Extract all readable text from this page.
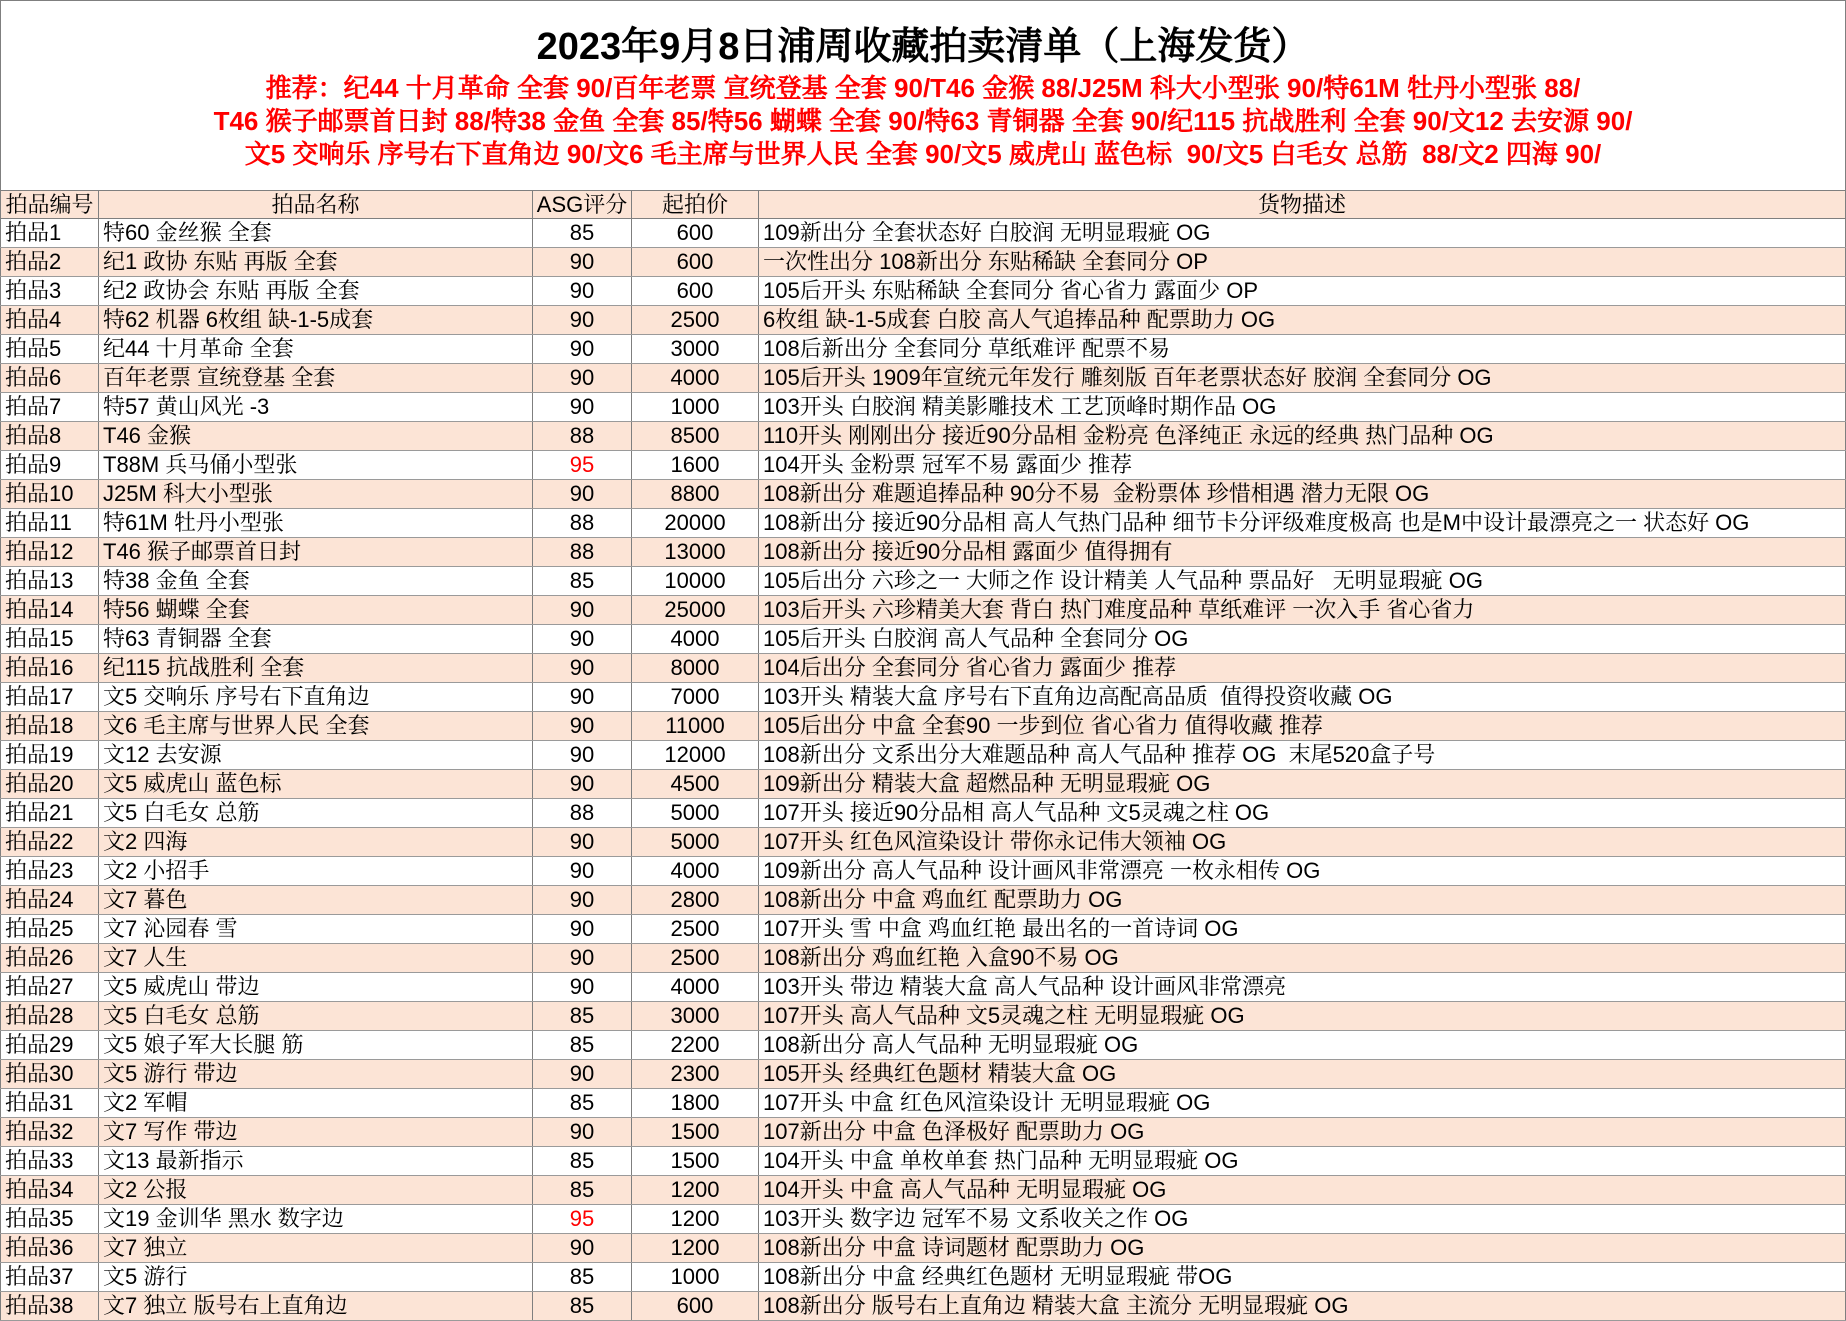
2023年9月8日浦周收藏拍卖清单（上海发货）
推荐：纪44 十月革命 全套 90/百年老票 宣统登基 全套 90/T46 金猴 88/J25M 科大小型张 90/特61M 牡丹小型张 88/
T46 猴子邮票首日封 88/特38 金鱼 全套 85/特56 蝴蝶 全套 90/特63 青铜器 全套 90/纪115 抗战胜利 全套 90/文12 去安源 90/
文5 交响乐 序号右下直角边 90/文6 毛主席与世界人民 全套 90/文5 威虎山 蓝色标  90/文5 白毛女 总筋  88/文2 四海 90/
拍品编号	拍品名称	ASG评分	起拍价	货物描述
拍品1	特60 金丝猴 全套	85	600	109新出分 全套状态好 白胶润 无明显瑕疵 OG
拍品2	纪1 政协 东贴 再版 全套	90	600	一次性出分 108新出分 东贴稀缺 全套同分 OP
拍品3	纪2 政协会 东贴 再版 全套	90	600	105后开头 东贴稀缺 全套同分 省心省力 露面少 OP
拍品4	特62 机器 6枚组 缺-1-5成套	90	2500	6枚组 缺-1-5成套 白胶 高人气追捧品种 配票助力 OG
拍品5	纪44 十月革命 全套	90	3000	108后新出分 全套同分 草纸难评 配票不易
拍品6	百年老票 宣统登基 全套	90	4000	105后开头 1909年宣统元年发行 雕刻版 百年老票状态好 胶润 全套同分 OG
拍品7	特57 黄山风光 -3	90	1000	103开头 白胶润 精美影雕技术 工艺顶峰时期作品 OG
拍品8	T46 金猴	88	8500	110开头 刚刚出分 接近90分品相 金粉亮 色泽纯正 永远的经典 热门品种 OG
拍品9	T88M 兵马俑小型张	95	1600	104开头 金粉票 冠军不易 露面少 推荐
拍品10	J25M 科大小型张	90	8800	108新出分 难题追捧品种 90分不易  金粉票体 珍惜相遇 潜力无限 OG
拍品11	特61M 牡丹小型张	88	20000	108新出分 接近90分品相 高人气热门品种 细节卡分评级难度极高 也是M中设计最漂亮之一 状态好 OG
拍品12	T46 猴子邮票首日封	88	13000	108新出分 接近90分品相 露面少 值得拥有
拍品13	特38 金鱼 全套	85	10000	105后出分 六珍之一 大师之作 设计精美 人气品种 票品好   无明显瑕疵 OG
拍品14	特56 蝴蝶 全套	90	25000	103后开头 六珍精美大套 背白 热门难度品种 草纸难评 一次入手 省心省力
拍品15	特63 青铜器 全套	90	4000	105后开头 白胶润 高人气品种 全套同分 OG
拍品16	纪115 抗战胜利 全套	90	8000	104后出分 全套同分 省心省力 露面少 推荐
拍品17	文5 交响乐 序号右下直角边	90	7000	103开头 精装大盒 序号右下直角边高配高品质  值得投资收藏 OG
拍品18	文6 毛主席与世界人民 全套	90	11000	105后出分 中盒 全套90 一步到位 省心省力 值得收藏 推荐
拍品19	文12 去安源	90	12000	108新出分 文系出分大难题品种 高人气品种 推荐 OG  末尾520盒子号
拍品20	文5 威虎山 蓝色标	90	4500	109新出分 精装大盒 超燃品种 无明显瑕疵 OG
拍品21	文5 白毛女 总筋	88	5000	107开头 接近90分品相 高人气品种 文5灵魂之柱 OG
拍品22	文2 四海	90	5000	107开头 红色风渲染设计 带你永记伟大领袖 OG
拍品23	文2 小招手	90	4000	109新出分 高人气品种 设计画风非常漂亮 一枚永相传 OG
拍品24	文7 暮色	90	2800	108新出分 中盒 鸡血红 配票助力 OG
拍品25	文7 沁园春 雪	90	2500	107开头 雪 中盒 鸡血红艳 最出名的一首诗词 OG
拍品26	文7 人生	90	2500	108新出分 鸡血红艳 入盒90不易 OG
拍品27	文5 威虎山 带边	90	4000	103开头 带边 精装大盒 高人气品种 设计画风非常漂亮
拍品28	文5 白毛女 总筋	85	3000	107开头 高人气品种 文5灵魂之柱 无明显瑕疵 OG
拍品29	文5 娘子军大长腿 筋	85	2200	108新出分 高人气品种 无明显瑕疵 OG
拍品30	文5 游行 带边	90	2300	105开头 经典红色题材 精装大盒 OG
拍品31	文2 军帽	85	1800	107开头 中盒 红色风渲染设计 无明显瑕疵 OG
拍品32	文7 写作 带边	90	1500	107新出分 中盒 色泽极好 配票助力 OG
拍品33	文13 最新指示	85	1500	104开头 中盒 单枚单套 热门品种 无明显瑕疵 OG
拍品34	文2 公报	85	1200	104开头 中盒 高人气品种 无明显瑕疵 OG
拍品35	文19 金训华 黑水 数字边	95	1200	103开头 数字边 冠军不易 文系收关之作 OG
拍品36	文7 独立	90	1200	108新出分 中盒 诗词题材 配票助力 OG
拍品37	文5 游行	85	1000	108新出分 中盒 经典红色题材 无明显瑕疵 带OG
拍品38	文7 独立 版号右上直角边	85	600	108新出分 版号右上直角边 精装大盒 主流分 无明显瑕疵 OG
